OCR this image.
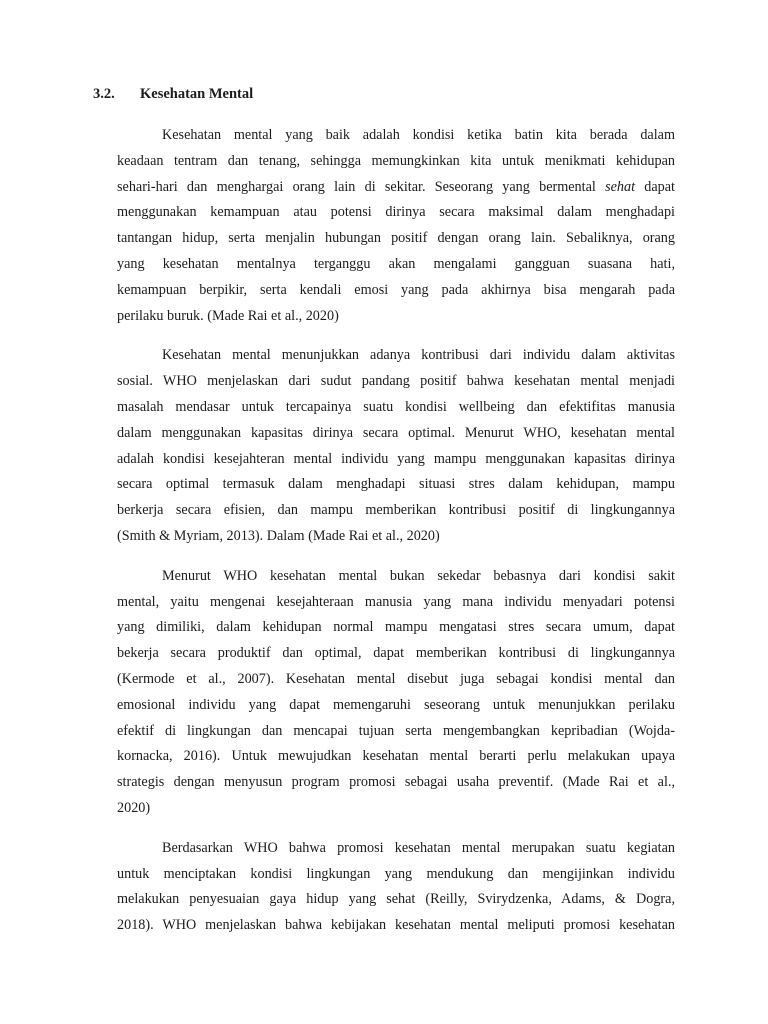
3.2. Kesehatan Mental
Kesehatan mental yang baik adalah kondisi ketika batin kita berada dalam
keadaan tentram dan tenang, sehingga memungkinkan kita untuk menikmati kehidupan
sehari-hari dan menghargai orang lain di sekitar. Seseorang yang bermental sehat dapat
menggunakan kemampuan atau potensi dirinya secara maksimal dalam menghadapi
tantangan hidup, serta menjalin hubungan positif dengan orang lain. Sebaliknya, orang
yang kesehatan mentalnya terganggu akan mengalami gangguan suasana hati,
kemampuan berpikir, serta kendali emosi yang pada akhirnya bisa mengarah pada
perilaku buruk. (Made Rai et al., 2020)
Kesehatan mental menunjukkan adanya kontribusi dari individu dalam aktivitas
sosial. WHO menjelaskan dari sudut pandang positif bahwa kesehatan mental menjadi
masalah mendasar untuk tercapainya suatu kondisi wellbeing dan efektifitas manusia
dalam menggunakan kapasitas dirinya secara optimal. Menurut WHO, kesehatan mental
adalah kondisi kesejahteran mental individu yang mampu menggunakan kapasitas dirinya
secara optimal termasuk dalam menghadapi situasi stres dalam kehidupan, mampu
berkerja secara efisien, dan mampu memberikan kontribusi positif di lingkungannya
(Smith & Myriam, 2013). Dalam (Made Rai et al., 2020)
Menurut WHO kesehatan mental bukan sekedar bebasnya dari kondisi sakit
mental, yaitu mengenai kesejahteraan manusia yang mana individu menyadari potensi
yang dimiliki, dalam kehidupan normal mampu mengatasi stres secara umum, dapat
bekerja secara produktif dan optimal, dapat memberikan kontribusi di lingkungannya
(Kermode et al., 2007). Kesehatan mental disebut juga sebagai kondisi mental dan
emosional individu yang dapat memengaruhi seseorang untuk menunjukkan perilaku
efektif di lingkungan dan mencapai tujuan serta mengembangkan kepribadian (Wojda-
kornacka, 2016). Untuk mewujudkan kesehatan mental berarti perlu melakukan upaya
strategis dengan menyusun program promosi sebagai usaha preventif. (Made Rai et al.,
2020)
Berdasarkan WHO bahwa promosi kesehatan mental merupakan suatu kegiatan
untuk menciptakan kondisi lingkungan yang mendukung dan mengijinkan individu
melakukan penyesuaian gaya hidup yang sehat (Reilly, Svirydzenka, Adams, & Dogra,
2018). WHO menjelaskan bahwa kebijakan kesehatan mental meliputi promosi kesehatan
